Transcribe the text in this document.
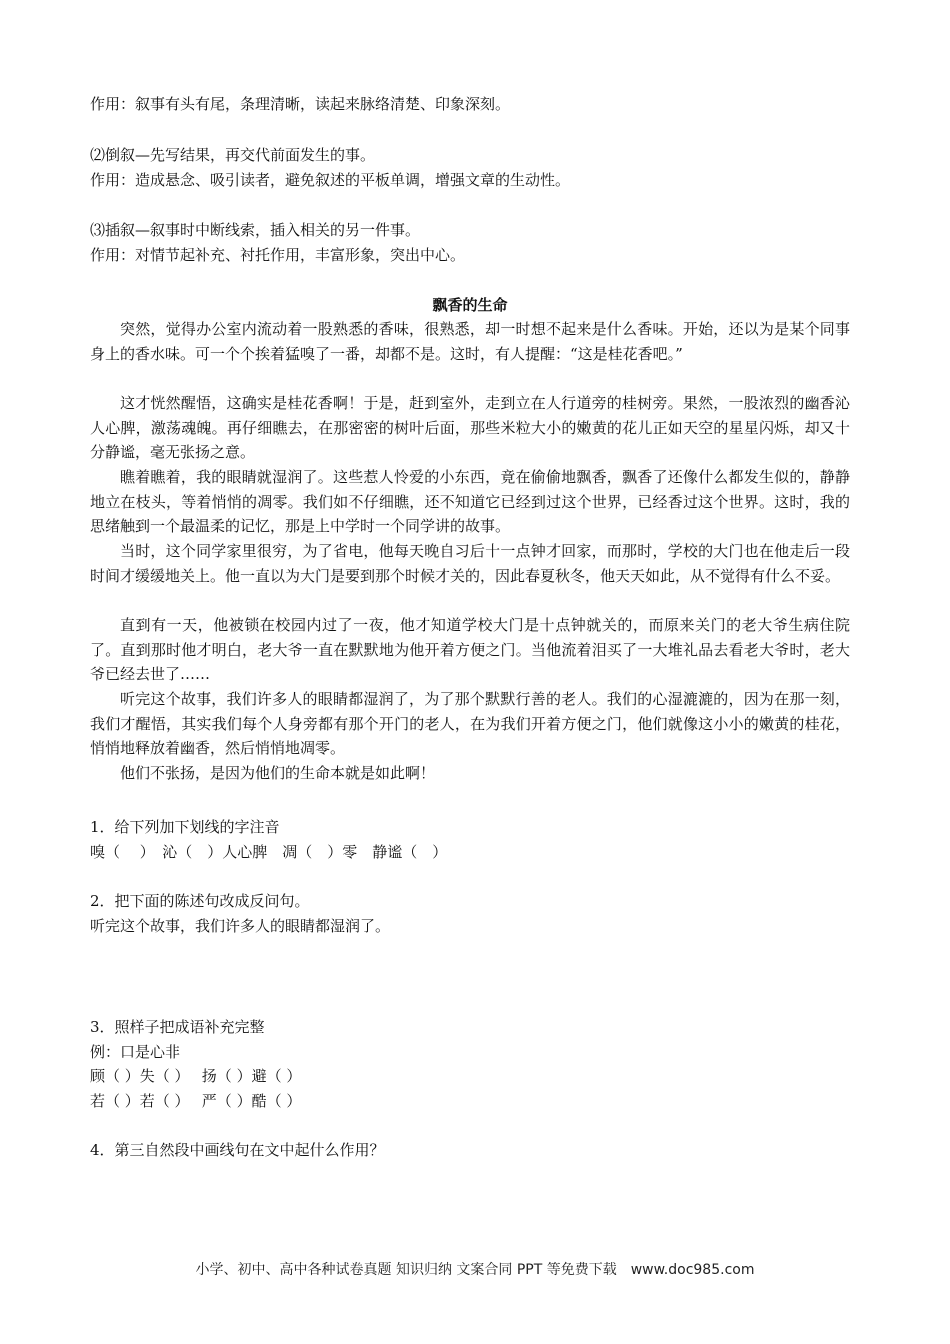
作用：叙事有头有尾，条理清晰，读起来脉络清楚、印象深刻。
⑵倒叙—先写结果，再交代前面发生的事。
作用：造成悬念、吸引读者，避免叙述的平板单调，增强文章的生动性。
⑶插叙—叙事时中断线索，插入相关的另一件事。
作用：对情节起补充、衬托作用，丰富形象，突出中心。
飘香的生命
突然，觉得办公室内流动着一股熟悉的香味，很熟悉，却一时想不起来是什么香味。开始，还以为是某个同事身上的香水味。可一个个挨着猛嗅了一番，却都不是。这时，有人提醒：“这是桂花香吧。”
这才恍然醒悟，这确实是桂花香啊！于是，赶到室外，走到立在人行道旁的桂树旁。果然，一股浓烈的幽香沁人心脾，激荡魂魄。再仔细瞧去，在那密密的树叶后面，那些米粒大小的嫩黄的花儿正如天空的星星闪烁，却又十分静谧，毫无张扬之意。
瞧着瞧着，我的眼睛就湿润了。这些惹人怜爱的小东西，竟在偷偷地飘香，飘香了还像什么都发生似的，静静地立在枝头，等着悄悄的凋零。我们如不仔细瞧，还不知道它已经到过这个世界，已经香过这个世界。这时，我的思绪触到一个最温柔的记忆，那是上中学时一个同学讲的故事。
当时，这个同学家里很穷，为了省电，他每天晚自习后十一点钟才回家，而那时，学校的大门也在他走后一段时间才缓缓地关上。他一直以为大门是要到那个时候才关的，因此春夏秋冬，他天天如此，从不觉得有什么不妥。
直到有一天，他被锁在校园内过了一夜，他才知道学校大门是十点钟就关的，而原来关门的老大爷生病住院了。直到那时他才明白，老大爷一直在默默地为他开着方便之门。当他流着泪买了一大堆礼品去看老大爷时，老大爷已经去世了……
听完这个故事，我们许多人的眼睛都湿润了，为了那个默默行善的老人。我们的心湿漉漉的，因为在那一刻，我们才醒悟，其实我们每个人身旁都有那个开门的老人，在为我们开着方便之门，他们就像这小小的嫩黄的桂花，悄悄地释放着幽香，然后悄悄地凋零。
他们不张扬，是因为他们的生命本就是如此啊！
1．给下列加下划线的字注音
嗅（　 ）　沁（　）人心脾　凋（　）零　静谧（　）
2．把下面的陈述句改成反问句。
听完这个故事，我们许多人的眼睛都湿润了。
3．照样子把成语补充完整
例：口是心非
顾（ ）失（ ）　 扬（ ）避（ ）
若（ ）若（ ）　 严（ ）酷（ ）
4．第三自然段中画线句在文中起什么作用？
小学、初中、高中各种试卷真题 知识归纳 文案合同 PPT 等免费下载　www.doc985.com
